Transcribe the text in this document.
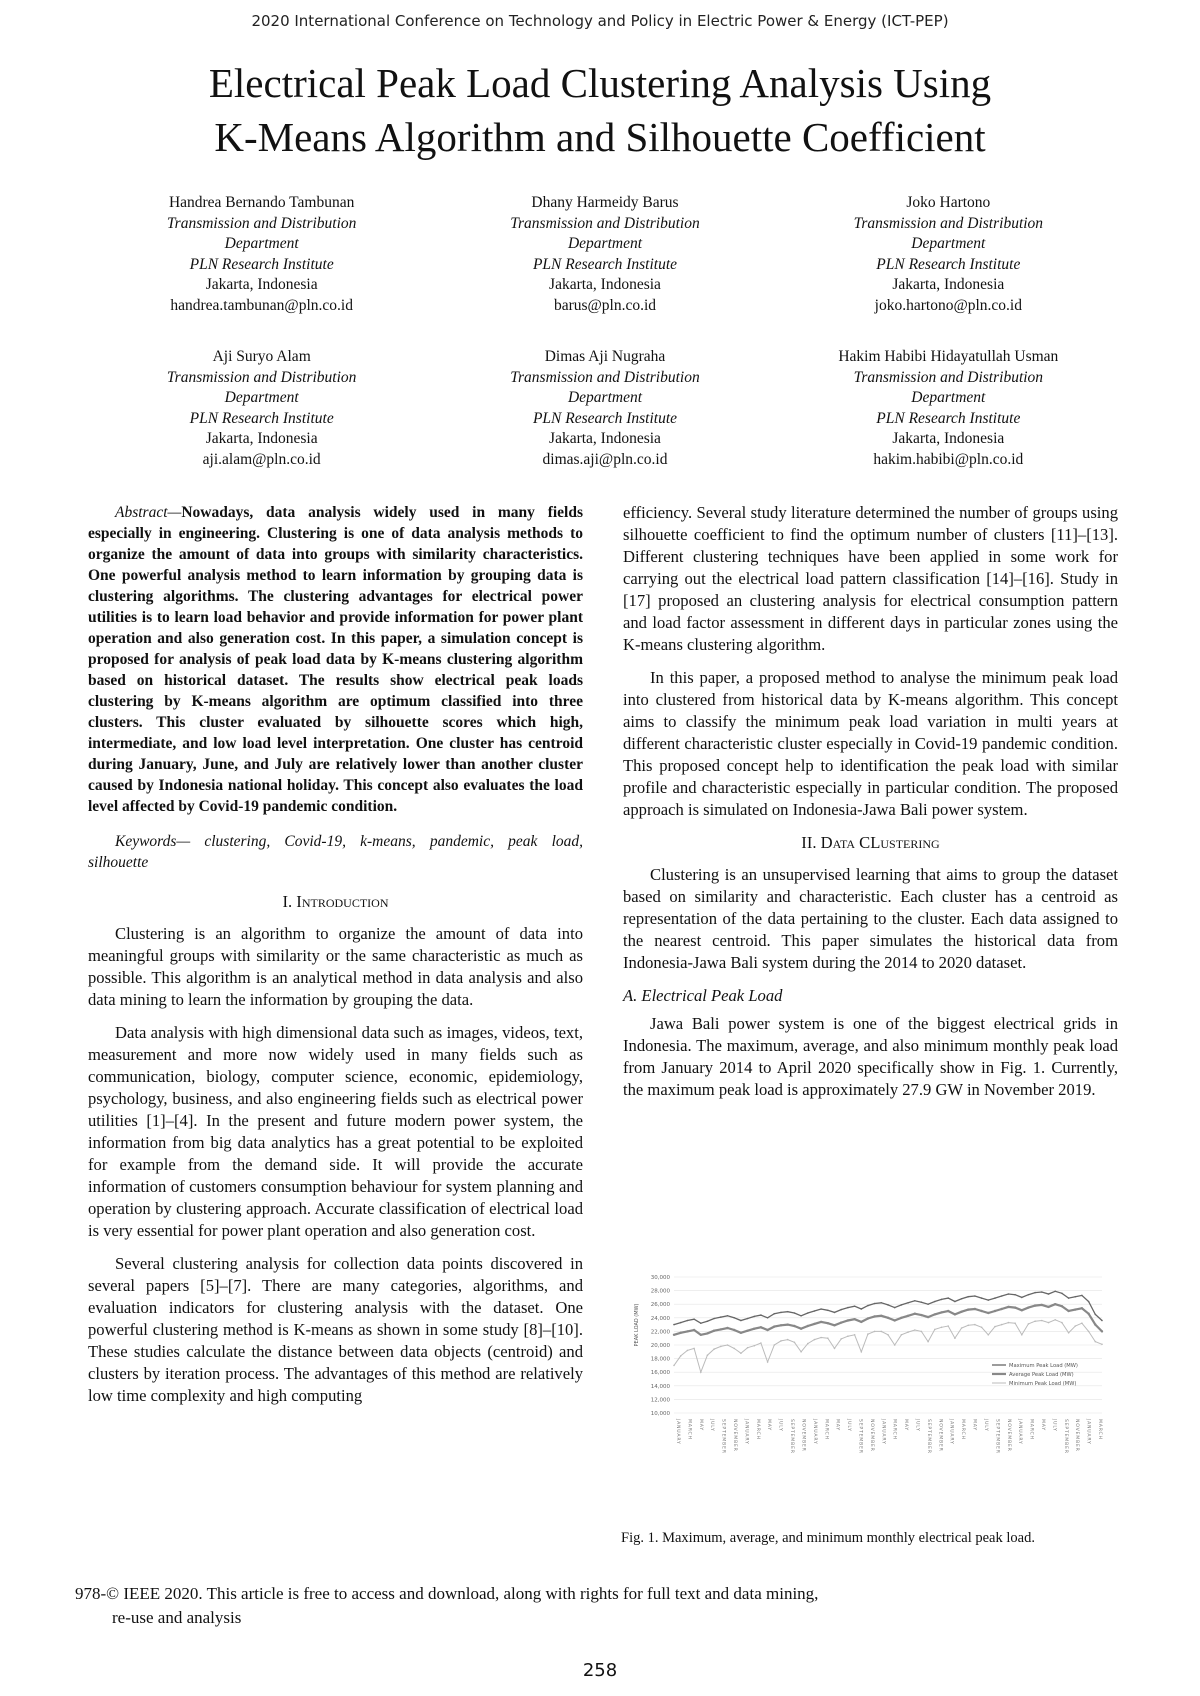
2020 International Conference on Technology and Policy in Electric Power & Energy (ICT-PEP)
Electrical Peak Load Clustering Analysis Using
K-Means Algorithm and Silhouette Coefficient
Handrea Bernando Tambunan
Transmission and Distribution
Department
PLN Research Institute
Jakarta, Indonesia
handrea.tambunan@pln.co.id
Dhany Harmeidy Barus
Transmission and Distribution
Department
PLN Research Institute
Jakarta, Indonesia
barus@pln.co.id
Joko Hartono
Transmission and Distribution
Department
PLN Research Institute
Jakarta, Indonesia
joko.hartono@pln.co.id
Aji Suryo Alam
Transmission and Distribution
Department
PLN Research Institute
Jakarta, Indonesia
aji.alam@pln.co.id
Dimas Aji Nugraha
Transmission and Distribution
Department
PLN Research Institute
Jakarta, Indonesia
dimas.aji@pln.co.id
Hakim Habibi Hidayatullah Usman
Transmission and Distribution
Department
PLN Research Institute
Jakarta, Indonesia
hakim.habibi@pln.co.id

Abstract—Nowadays, data analysis widely used in many fields especially in engineering. Clustering is one of data analysis methods to organize the amount of data into groups with similarity characteristics. One powerful analysis method to learn information by grouping data is clustering algorithms. The clustering advantages for electrical power utilities is to learn load behavior and provide information for power plant operation and also generation cost. In this paper, a simulation concept is proposed for analysis of peak load data by K-means clustering algorithm based on historical dataset. The results show electrical peak loads clustering by K-means algorithm are optimum classified into three clusters. This cluster evaluated by silhouette scores which high, intermediate, and low load level interpretation. One cluster has centroid during January, June, and July are relatively lower than another cluster caused by Indonesia national holiday. This concept also evaluates the load level affected by Covid-19 pandemic condition.

Keywords— clustering, Covid-19, k-means, pandemic, peak load, silhouette

I. Introduction

Clustering is an algorithm to organize the amount of data into meaningful groups with similarity or the same characteristic as much as possible. This algorithm is an analytical method in data analysis and also data mining to learn the information by grouping the data.

Data analysis with high dimensional data such as images, videos, text, measurement and more now widely used in many fields such as communication, biology, computer science, economic, epidemiology, psychology, business, and also engineering fields such as electrical power utilities [1]–[4]. In the present and future modern power system, the information from big data analytics has a great potential to be exploited for example from the demand side. It will provide the accurate information of customers consumption behaviour for system planning and operation by clustering approach. Accurate classification of electrical load is very essential for power plant operation and also generation cost.

Several clustering analysis for collection data points discovered in several papers [5]–[7]. There are many categories, algorithms, and evaluation indicators for clustering analysis with the dataset. One powerful clustering method is K-means as shown in some study [8]–[10]. These studies calculate the distance between data objects (centroid) and clusters by iteration process. The advantages of this method are relatively low time complexity and high computing

efficiency. Several study literature determined the number of groups using silhouette coefficient to find the optimum number of clusters [11]–[13]. Different clustering techniques have been applied in some work for carrying out the electrical load pattern classification [14]–[16]. Study in [17] proposed an clustering analysis for electrical consumption pattern and load factor assessment in different days in particular zones using the K-means clustering algorithm.

In this paper, a proposed method to analyse the minimum peak load into clustered from historical data by K-means algorithm. This concept aims to classify the minimum peak load variation in multi years at different characteristic cluster especially in Covid-19 pandemic condition. This proposed concept help to identification the peak load with similar profile and characteristic especially in particular condition. The proposed approach is simulated on Indonesia-Jawa Bali power system.

II. Data CLustering

Clustering is an unsupervised learning that aims to group the dataset based on similarity and characteristic. Each cluster has a centroid as representation of the data pertaining to the cluster. Each data assigned to the nearest centroid. This paper simulates the historical data from Indonesia-Jawa Bali system during the 2014 to 2020 dataset.

A. Electrical Peak Load

Jawa Bali power system is one of the biggest electrical grids in Indonesia. The maximum, average, and also minimum monthly peak load from January 2014 to April 2020 specifically show in Fig. 1. Currently, the maximum peak load is approximately 27.9 GW in November 2019.

30,000
28,000
26,000
24,000
22,000
20,000
18,000
16,000
14,000
12,000
10,000
PEAK LOAD (MW)
JANUARY MARCH MAY JULY SEPTEMBER NOVEMBER JANUARY MARCH MAY JULY SEPTEMBER NOVEMBER JANUARY MARCH MAY JULY SEPTEMBER NOVEMBER JANUARY MARCH MAY JULY SEPTEMBER NOVEMBER JANUARY MARCH MAY JULY SEPTEMBER NOVEMBER JANUARY MARCH MAY JULY SEPTEMBER NOVEMBER JANUARY MARCH
Maximum Peak Load (MW)
Average Peak Load (MW)
Minimum Peak Load (MW)
Fig. 1. Maximum, average, and minimum monthly electrical peak load.
978-© IEEE 2020. This article is free to access and download, along with rights for full text and data mining,
re-use and analysis
258
